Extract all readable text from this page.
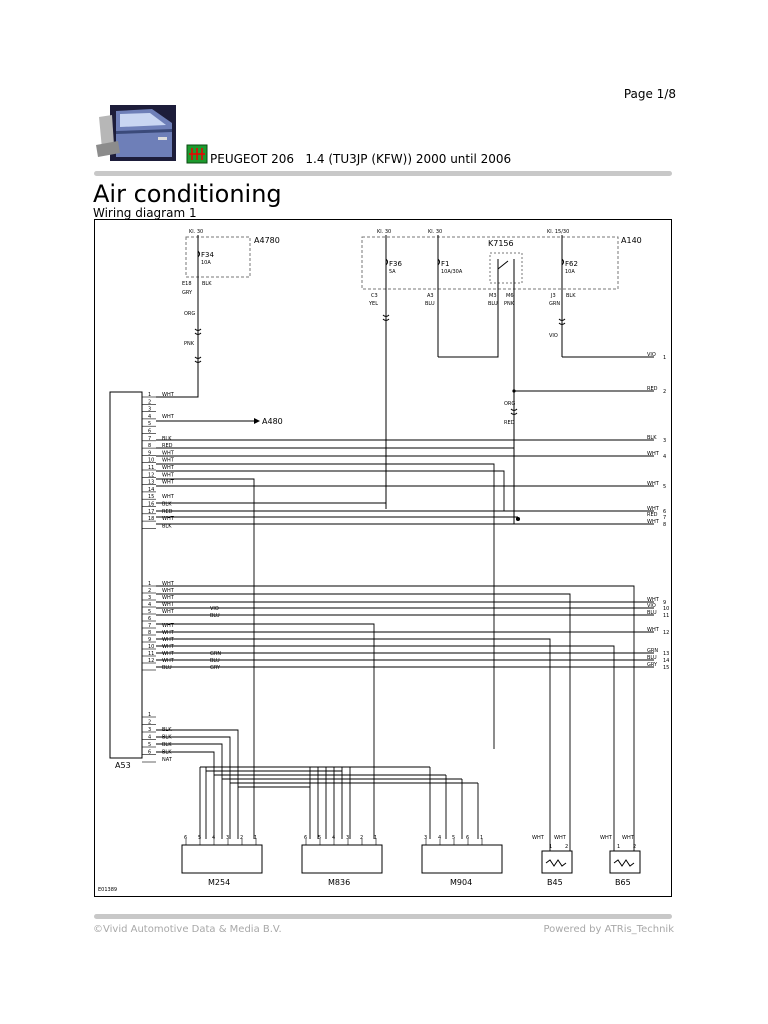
Page 1/8
PEUGEOT 206   1.4 (TU3JP (KFW)) 2000 until 2006
Air conditioning
Wiring diagram 1
A4780
Kl. 30
F34
10A
E18 BLK
GRY
ORG
PNK
A140
Kl. 30	Kl. 30	Kl. 15/30
F36
5A
F1
10A/30A
K7156
F62
10A
C3
YEL
A3
BLU
M3 M6
BLU PNK
J3 BLK
GRN
VIO
ORG
RED
A480
A53
1 WHT
2
3
4 WHT
5
6
7 BLK
8 RED
9 WHT
10 WHT
11 WHT
12 WHT
13 WHT
14
15 WHT
16 BLK
17 RED
18 WHT
BLK
1 WHT
2 WHT
3 WHT
4 WHT
5 WHT
6
7 WHT
8 WHT
9 WHT
10 WHT
11 WHT
12 WHT
BLU
1
2
3 BLK
4 BLK
5 BLK
6 BLK
NAT
VIO
BLU
GRN
BLU
GRY
VIO 1
RED 2
BLK 3
WHT 4
WHT 5
WHT 6
RED 7
WHT 8
WHT 9
VIO 10
BLU 11
WHT 12
GRN 13
BLU 14
GRY 15
M254
6 5 4 3 2 1
M836
6 5 4 3 2 1
M904
3 4 5 6 1
B45
1	2
WHT WHT
B65
1	2
WHT WHT
E01389
©Vivid Automotive Data & Media B.V.	Powered by ATRis_Technik
